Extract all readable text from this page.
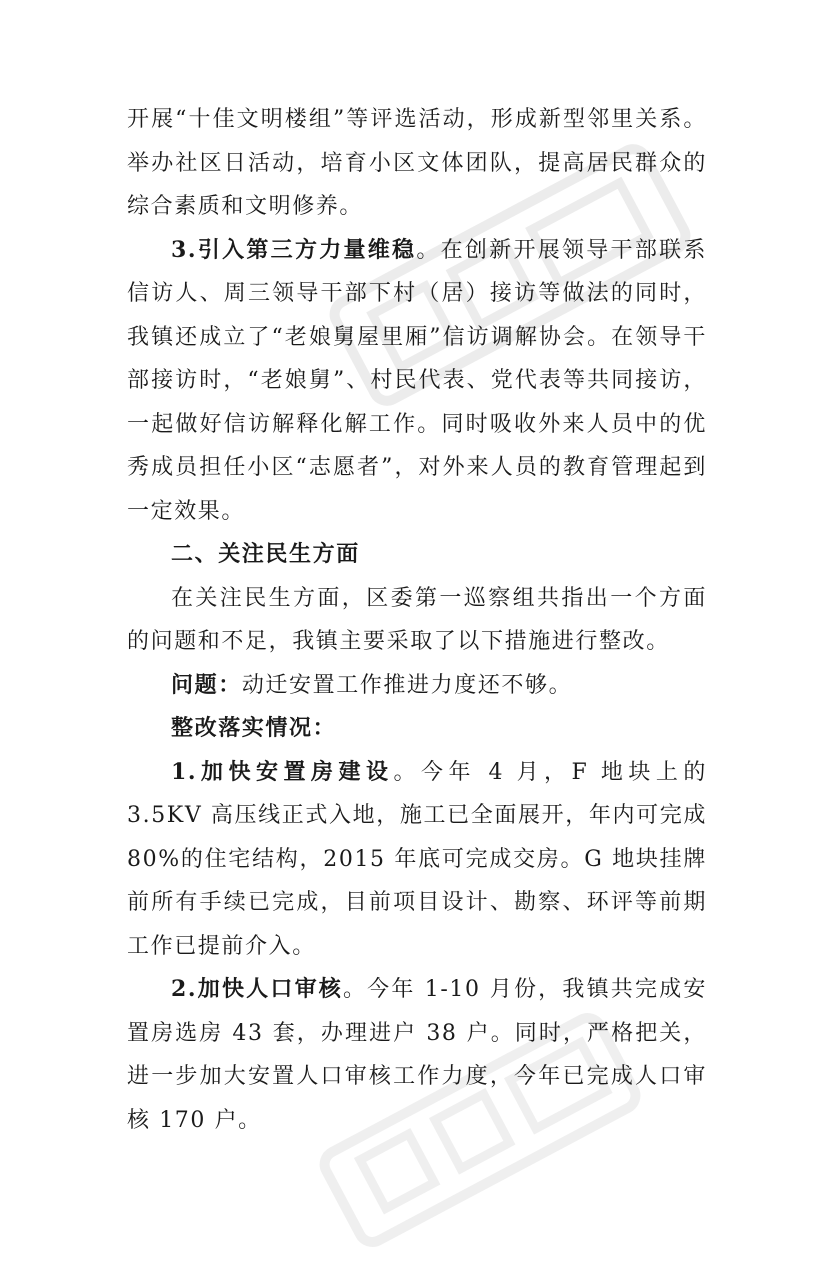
开展“十佳文明楼组”等评选活动，形成新型邻里关系。举办社区日活动，培育小区文体团队，提高居民群众的综合素质和文明修养。

3.引入第三方力量维稳。在创新开展领导干部联系信访人、周三领导干部下村（居）接访等做法的同时，我镇还成立了“老娘舅屋里厢”信访调解协会。在领导干部接访时，“老娘舅”、村民代表、党代表等共同接访，一起做好信访解释化解工作。同时吸收外来人员中的优秀成员担任小区“志愿者”，对外来人员的教育管理起到一定效果。

二、关注民生方面

在关注民生方面，区委第一巡察组共指出一个方面的问题和不足，我镇主要采取了以下措施进行整改。

问题：动迁安置工作推进力度还不够。

整改落实情况：

1.加快安置房建设。今年 4 月，F 地块上的 3.5KV 高压线正式入地，施工已全面展开，年内可完成 80%的住宅结构，2015 年底可完成交房。G 地块挂牌前所有手续已完成，目前项目设计、勘察、环评等前期工作已提前介入。

2.加快人口审核。今年 1-10 月份，我镇共完成安置房选房 43 套，办理进户 38 户。同时，严格把关，进一步加大安置人口审核工作力度，今年已完成人口审核 170 户。
